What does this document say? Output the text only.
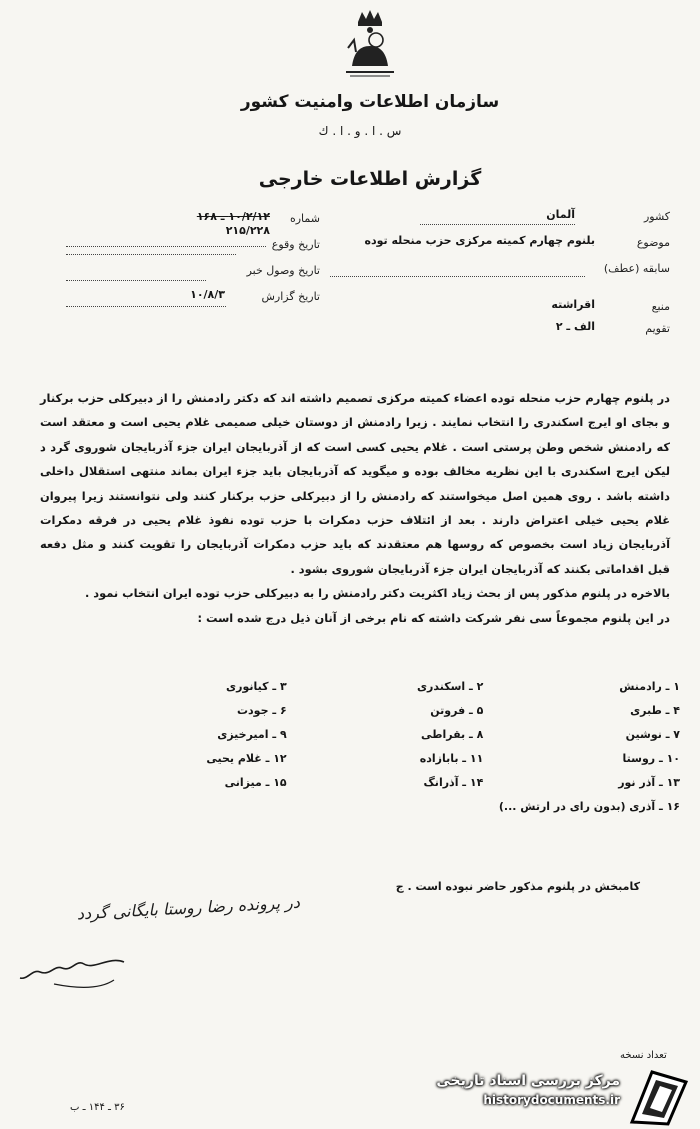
سازمان اطلاعات وامنیت کشور
س . ا . و . ا . ك
گزارش اطلاعات خارجی
کشور
آلمان
موضوع
بلنوم چهارم کمیته مرکزی حزب منحله توده
سابقه (عطف)
منبع
اقراشته
تقویم
الف ـ ۲
شماره
۱۰/۲/۱۲ ـ ۱۶۸
۲۱۵/۲۲۸
تاریخ وقوع
تاریخ وصول خبر
تاریخ گزارش
۱۰/۸/۳
در پلنوم چهارم حزب منحله توده اعضاء کمیته مرکزی تصمیم داشته اند که دکتر رادمنش را از دبیرکلی حزب برکنار و بجای او ایرج اسکندری را انتخاب نمایند . زیرا رادمنش از دوستان خیلی صمیمی غلام یحیی است و معتقد است که رادمنش شخص وطن پرستی است . غلام یحیی کسی است که از آذربایجان ایران جزء آذربایجان شوروی گرد د لیکن ایرج اسکندری با این نظریه مخالف بوده و میگوید که آذربایجان باید جزء ایران بماند منتهی استقلال داخلی داشته باشد . روی همین اصل میخواستند که رادمنش را از دبیرکلی حزب برکنار کنند ولی نتوانستند زیرا پیروان غلام یحیی خیلی اعتراض دارند . بعد از ائتلاف حزب دمکرات با حزب توده نفوذ غلام یحیی در فرقه دمکرات آذربایجان زیاد است بخصوص که روسها هم معتقدند که باید حزب دمکرات آذربایجان را تقویت کنند و مثل دفعه قبل اقداماتی بکنند که آذربایجان ایران جزء آذربایجان شوروی بشود .
بالاخره در پلنوم مذکور پس از بحث زیاد اکثریت دکتر رادمنش را به دبیرکلی حزب توده ایران انتخاب نمود .
در این پلنوم مجموعاً سی نفر شرکت داشته که نام برخی از آنان ذیل درج شده است :
۱ ـ رادمنش
۲ ـ اسکندری
۳ ـ کیانوری
۴ ـ طبری
۵ ـ فروتن
۶ ـ جودت
۷ ـ نوشین
۸ ـ بقراطی
۹ ـ امیرخیزی
۱۰ ـ روستا
۱۱ ـ بابازاده
۱۲ ـ غلام یحیی
۱۳ ـ آذر نور
۱۴ ـ آذرانگ
۱۵ ـ میزانی
۱۶ ـ آذری (بدون رای در ارتش ...)
کامبخش در پلنوم مذکور حاضر نبوده است . ج
در پرونده رضا روستا بایگانی گردد
تعداد نسخه
۳۶ ـ ۱۴۴ ـ ب
مرکز بررسی اسناد تاریخی
historydocuments.ir
